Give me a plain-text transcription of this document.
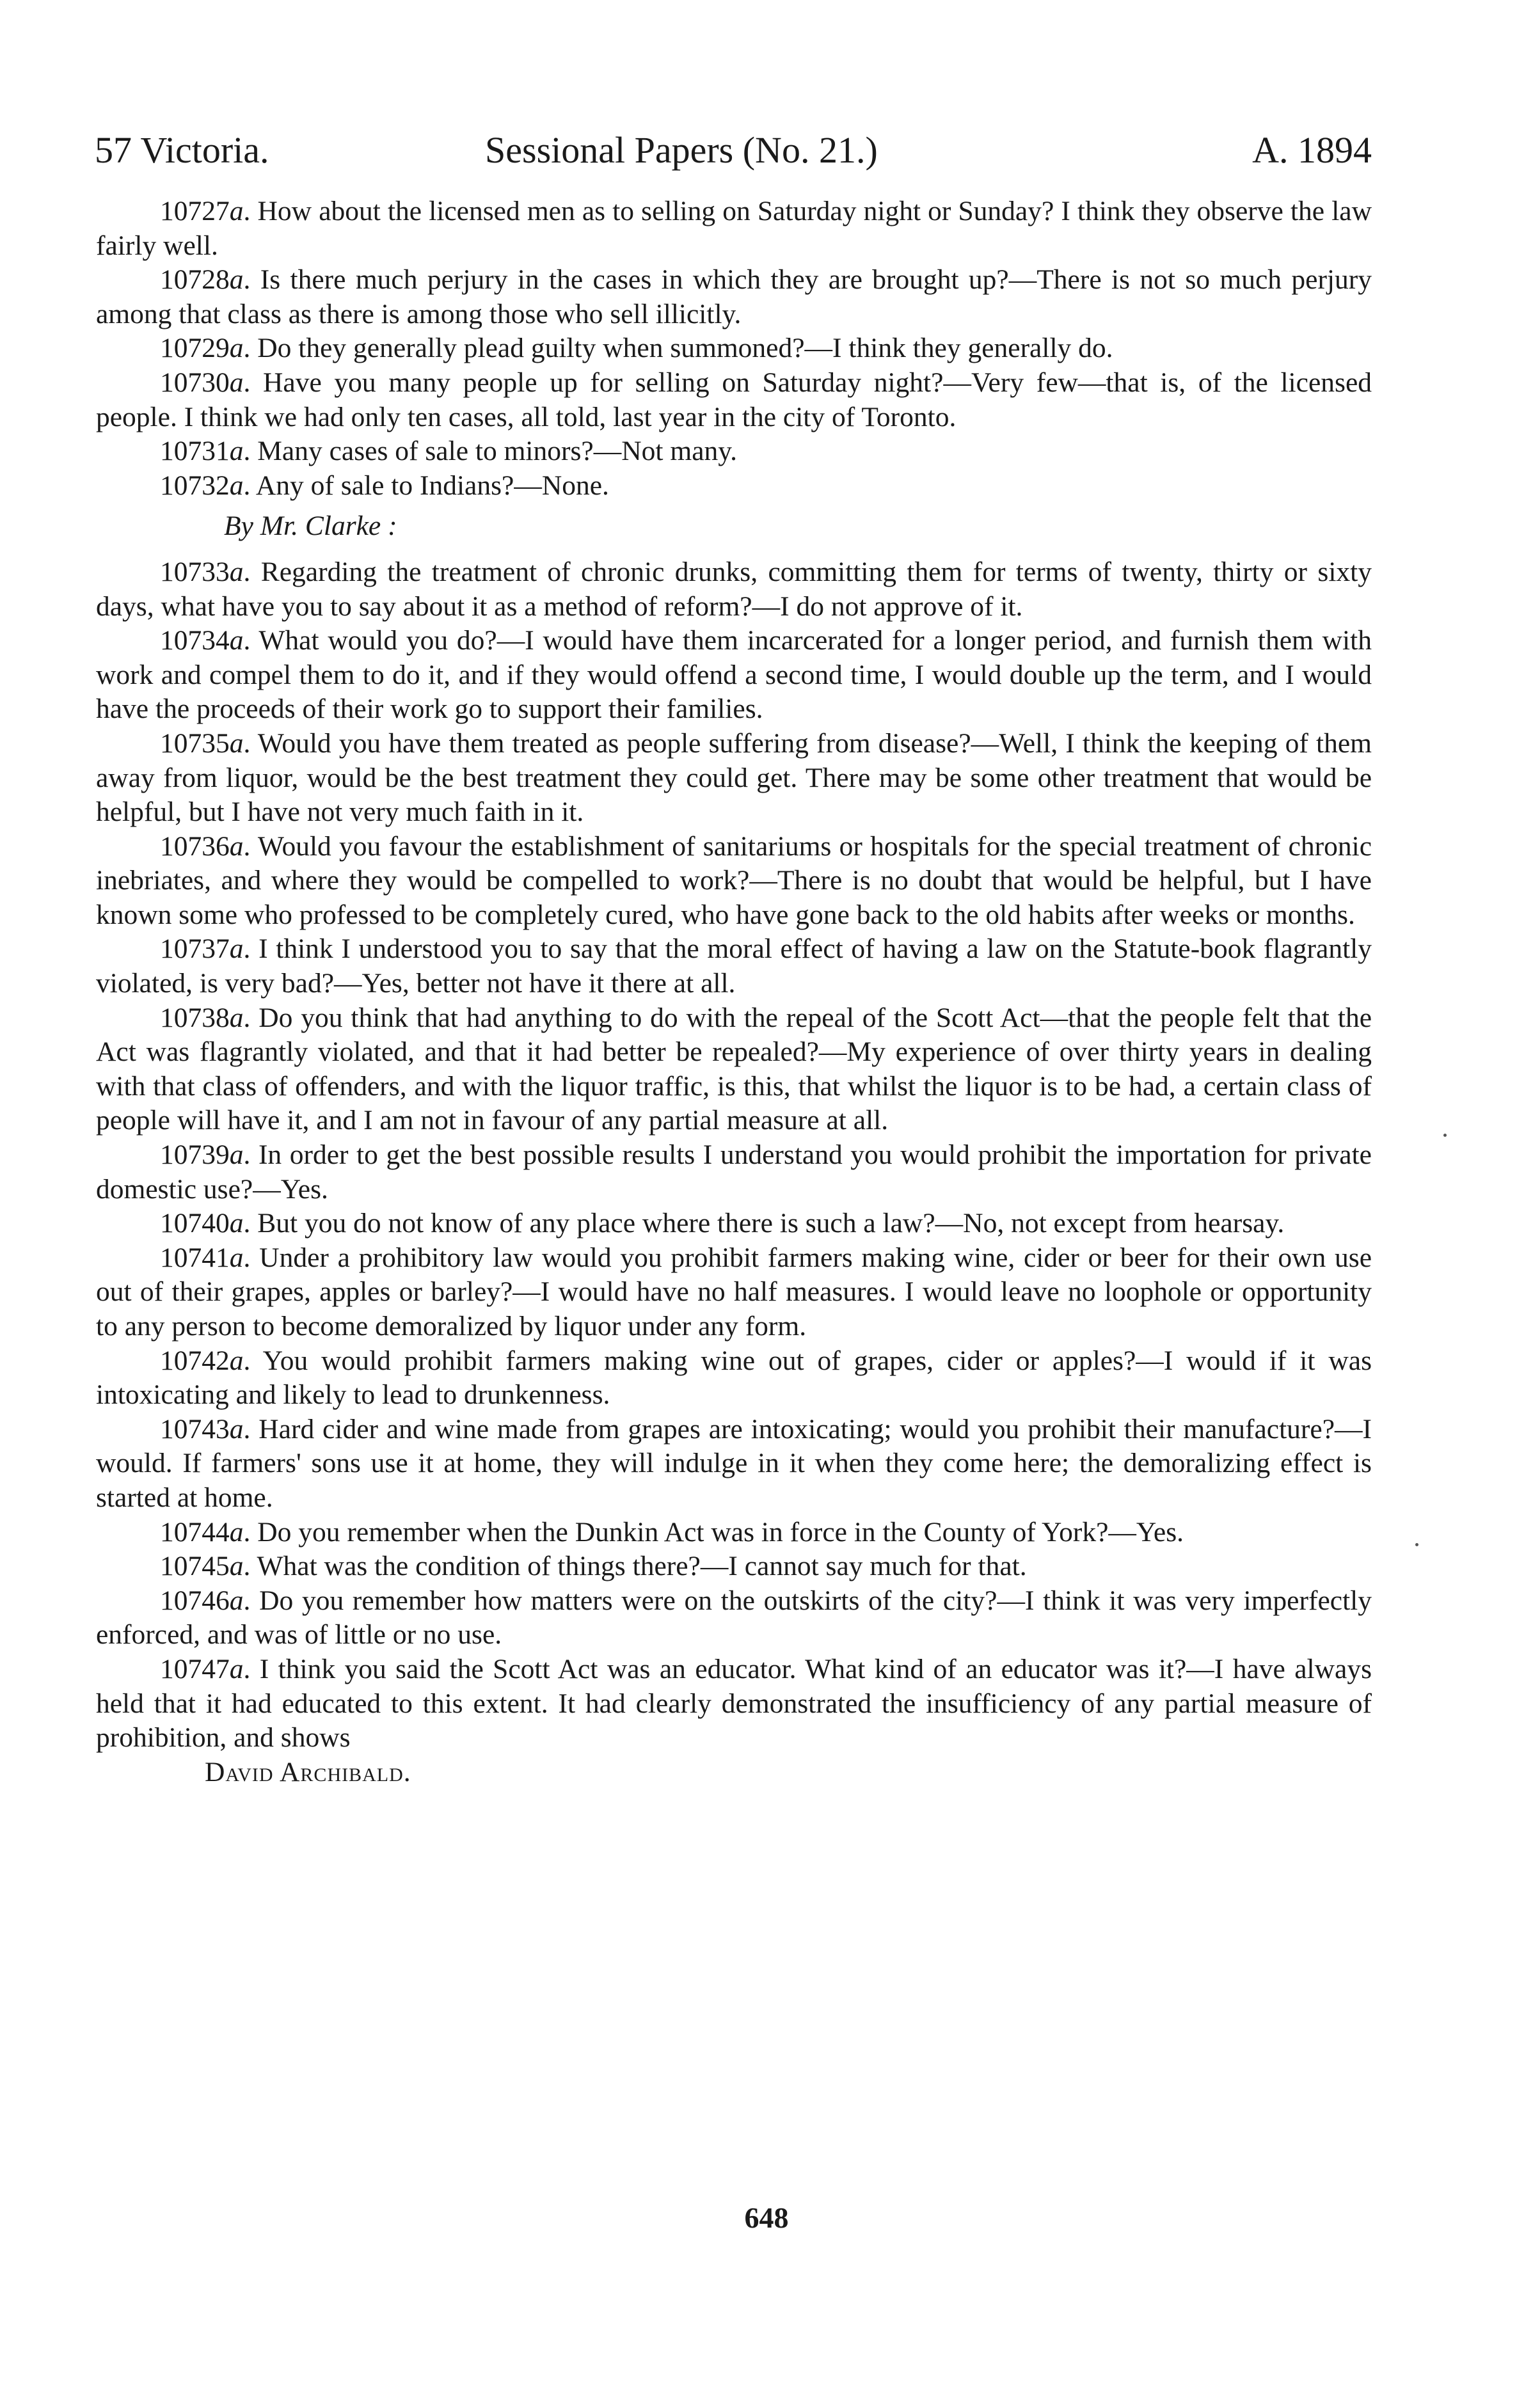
57 Victoria.	Sessional Papers (No. 21.)	A. 1894

10727a. How about the licensed men as to selling on Saturday night or Sunday? I think they observe the law fairly well.

10728a. Is there much perjury in the cases in which they are brought up?—There is not so much perjury among that class as there is among those who sell illicitly.

10729a. Do they generally plead guilty when summoned?—I think they generally do.

10730a. Have you many people up for selling on Saturday night?—Very few—that is, of the licensed people. I think we had only ten cases, all told, last year in the city of Toronto.

10731a. Many cases of sale to minors?—Not many.

10732a. Any of sale to Indians?—None.

By Mr. Clarke :

10733a. Regarding the treatment of chronic drunks, committing them for terms of twenty, thirty or sixty days, what have you to say about it as a method of reform?—I do not approve of it.

10734a. What would you do?—I would have them incarcerated for a longer period, and furnish them with work and compel them to do it, and if they would offend a second time, I would double up the term, and I would have the proceeds of their work go to support their families.

10735a. Would you have them treated as people suffering from disease?—Well, I think the keeping of them away from liquor, would be the best treatment they could get. There may be some other treatment that would be helpful, but I have not very much faith in it.

10736a. Would you favour the establishment of sanitariums or hospitals for the special treatment of chronic inebriates, and where they would be compelled to work?—There is no doubt that would be helpful, but I have known some who professed to be completely cured, who have gone back to the old habits after weeks or months.

10737a. I think I understood you to say that the moral effect of having a law on the Statute-book flagrantly violated, is very bad?—Yes, better not have it there at all.

10738a. Do you think that had anything to do with the repeal of the Scott Act—that the people felt that the Act was flagrantly violated, and that it had better be repealed?—My experience of over thirty years in dealing with that class of offenders, and with the liquor traffic, is this, that whilst the liquor is to be had, a certain class of people will have it, and I am not in favour of any partial measure at all.

10739a. In order to get the best possible results I understand you would prohibit the importation for private domestic use?—Yes.

10740a. But you do not know of any place where there is such a law?—No, not except from hearsay.

10741a. Under a prohibitory law would you prohibit farmers making wine, cider or beer for their own use out of their grapes, apples or barley?—I would have no half measures. I would leave no loophole or opportunity to any person to become demoralized by liquor under any form.

10742a. You would prohibit farmers making wine out of grapes, cider or apples?—I would if it was intoxicating and likely to lead to drunkenness.

10743a. Hard cider and wine made from grapes are intoxicating; would you prohibit their manufacture?—I would. If farmers' sons use it at home, they will indulge in it when they come here; the demoralizing effect is started at home.

10744a. Do you remember when the Dunkin Act was in force in the County of York?—Yes.

10745a. What was the condition of things there?—I cannot say much for that.

10746a. Do you remember how matters were on the outskirts of the city?—I think it was very imperfectly enforced, and was of little or no use.

10747a. I think you said the Scott Act was an educator. What kind of an educator was it?—I have always held that it had educated to this extent. It had clearly demonstrated the insufficiency of any partial measure of prohibition, and shows

David Archibald.

648
